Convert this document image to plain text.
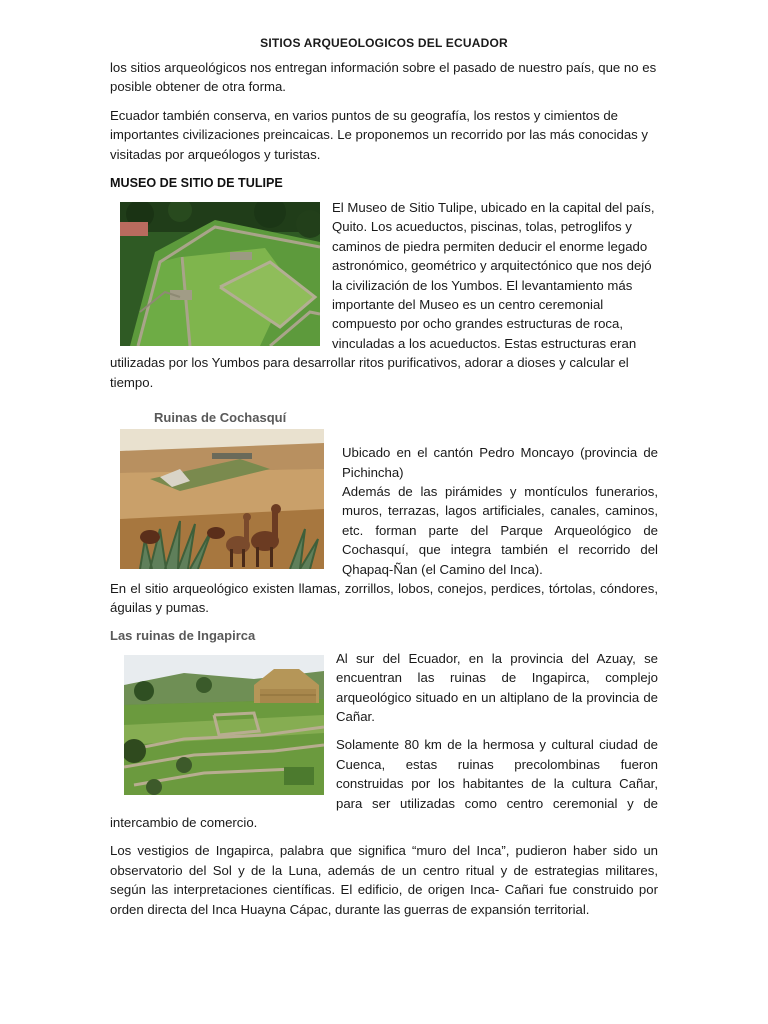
SITIOS ARQUEOLOGICOS DEL ECUADOR

los sitios arqueológicos nos entregan información sobre el pasado de nuestro país, que no es posible obtener de otra forma.

Ecuador también conserva, en varios puntos de su geografía, los restos y cimientos de importantes civilizaciones preincaicas. Le proponemos un recorrido por las más conocidas y visitadas por arqueólogos y turistas.

MUSEO DE SITIO DE TULIPE

El Museo de Sitio Tulipe, ubicado en la capital del país, Quito. Los acueductos, piscinas, tolas, petroglifos y caminos de piedra permiten deducir el enorme legado astronómico, geométrico y arquitectónico que nos dejó la civilización de los Yumbos. El levantamiento más importante del Museo es un centro ceremonial compuesto por ocho grandes estructuras de roca, vinculadas a los acueductos. Estas estructuras eran utilizadas por los Yumbos para desarrollar ritos purificativos, adorar a dioses y calcular el tiempo.

Ruinas de Cochasquí

Ubicado en el cantón Pedro Moncayo (provincia de Pichincha)

Además de las pirámides y montículos funerarios, muros, terrazas, lagos artificiales, canales, caminos, etc. forman parte del Parque Arqueológico de Cochasquí, que integra también el recorrido del Qhapaq-Ñan (el Camino del Inca).

En el sitio arqueológico existen llamas, zorrillos, lobos, conejos, perdices, tórtolas, cóndores, águilas y pumas.

Las ruinas de Ingapirca

Al sur del Ecuador, en la provincia del Azuay, se encuentran las ruinas de Ingapirca, complejo arqueológico situado en un altiplano de la provincia de Cañar.

Solamente 80 km de la hermosa y cultural ciudad de Cuenca, estas ruinas precolombinas fueron construidas por los habitantes de la cultura Cañar, para ser utilizadas como centro ceremonial y de intercambio de comercio.

Los vestigios de Ingapirca, palabra que significa “muro del Inca”, pudieron haber sido un observatorio del Sol y de la Luna, además de un centro ritual y de estrategias militares, según las interpretaciones científicas. El edificio, de origen Inca- Cañari fue construido por orden directa del Inca Huayna Cápac, durante las guerras de expansión territorial.
